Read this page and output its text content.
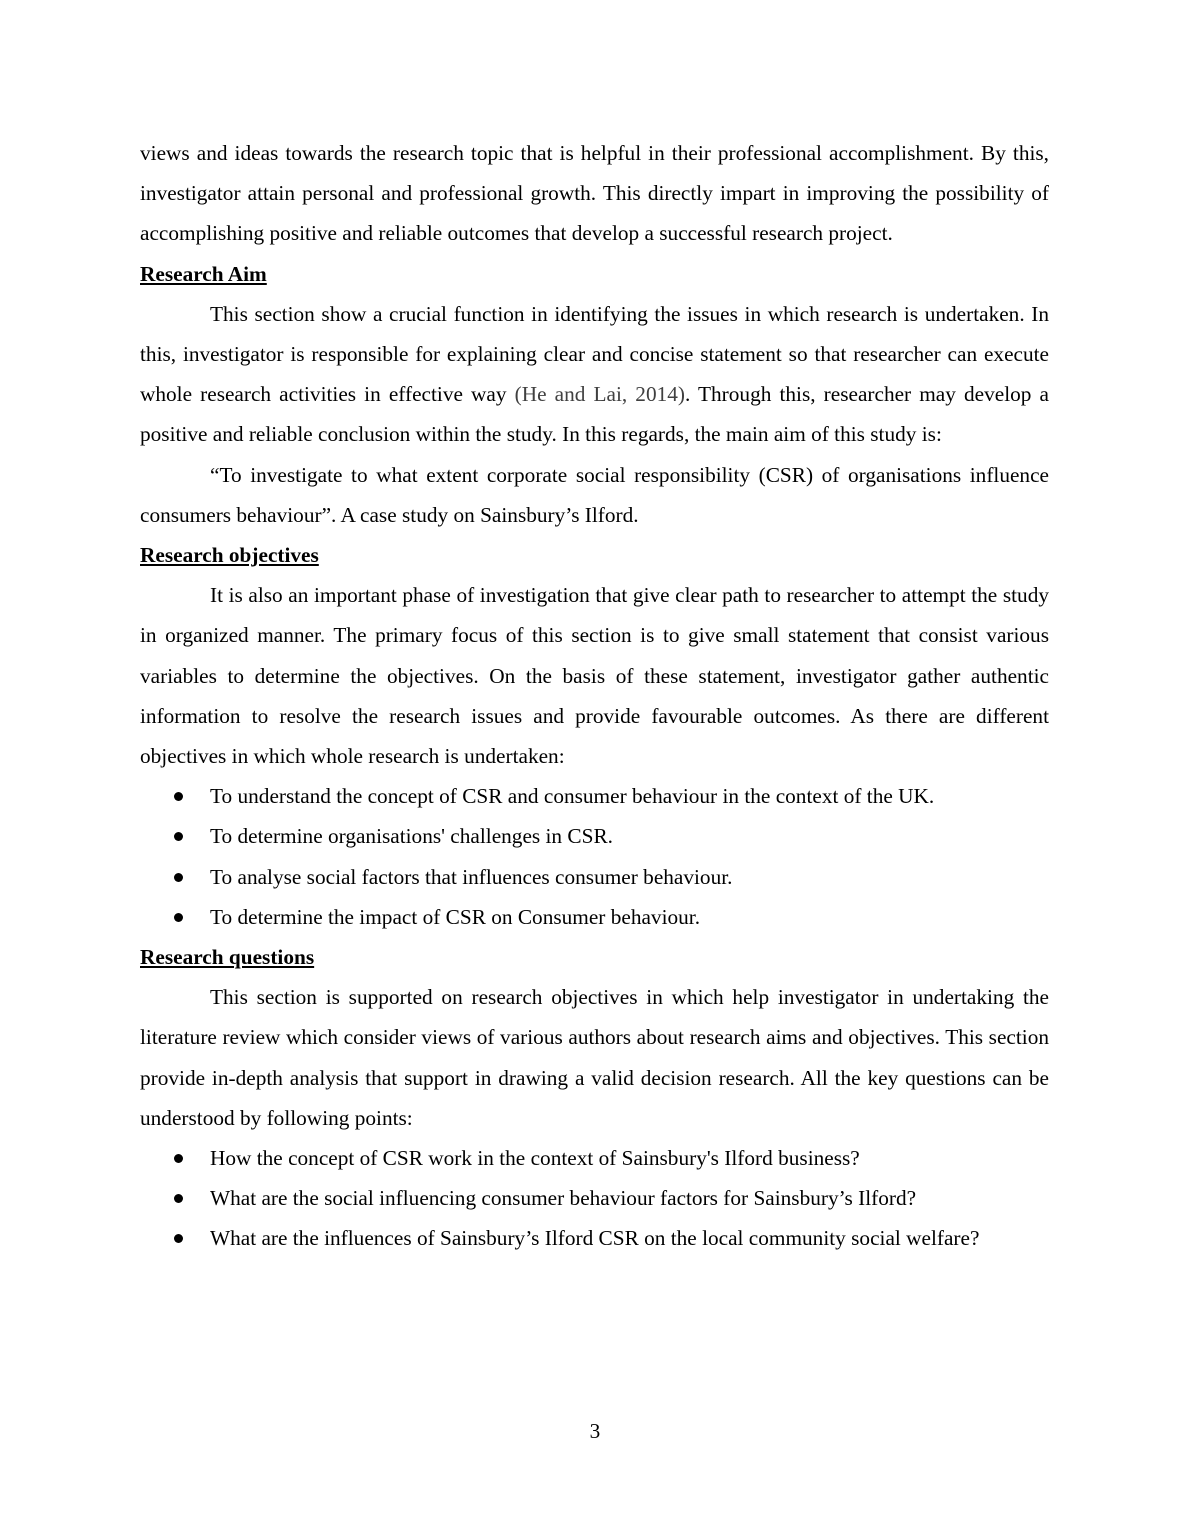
views and ideas towards the research topic that is helpful in their professional accomplishment. By this, investigator attain personal and professional growth. This directly impart in improving the possibility of accomplishing positive and reliable outcomes that develop a successful research project.

Research Aim

This section show a crucial function in identifying the issues in which research is undertaken. In this, investigator is responsible for explaining clear and concise statement so that researcher can execute whole research activities in effective way (He and Lai, 2014). Through this, researcher may develop a positive and reliable conclusion within the study. In this regards, the main aim of this study is:

“To investigate to what extent corporate social responsibility (CSR) of organisations influence consumers behaviour”. A case study on Sainsbury’s Ilford.

Research objectives

It is also an important phase of investigation that give clear path to researcher to attempt the study in organized manner. The primary focus of this section is to give small statement that consist various variables to determine the objectives. On the basis of these statement, investigator gather authentic information to resolve the research issues and provide favourable outcomes. As there are different objectives in which whole research is undertaken:

To understand the concept of CSR and consumer behaviour in the context of the UK.
To determine organisations' challenges in CSR.
To analyse social factors that influences consumer behaviour.
To determine the impact of CSR on Consumer behaviour.

Research questions

This section is supported on research objectives in which help investigator in undertaking the literature review which consider views of various authors about research aims and objectives. This section provide in-depth analysis that support in drawing a valid decision research. All the key questions can be understood by following points:

How the concept of CSR work in the context of Sainsbury's Ilford business?
What are the social influencing consumer behaviour factors for Sainsbury’s Ilford?
What are the influences of Sainsbury’s Ilford CSR on the local community social welfare?
3
